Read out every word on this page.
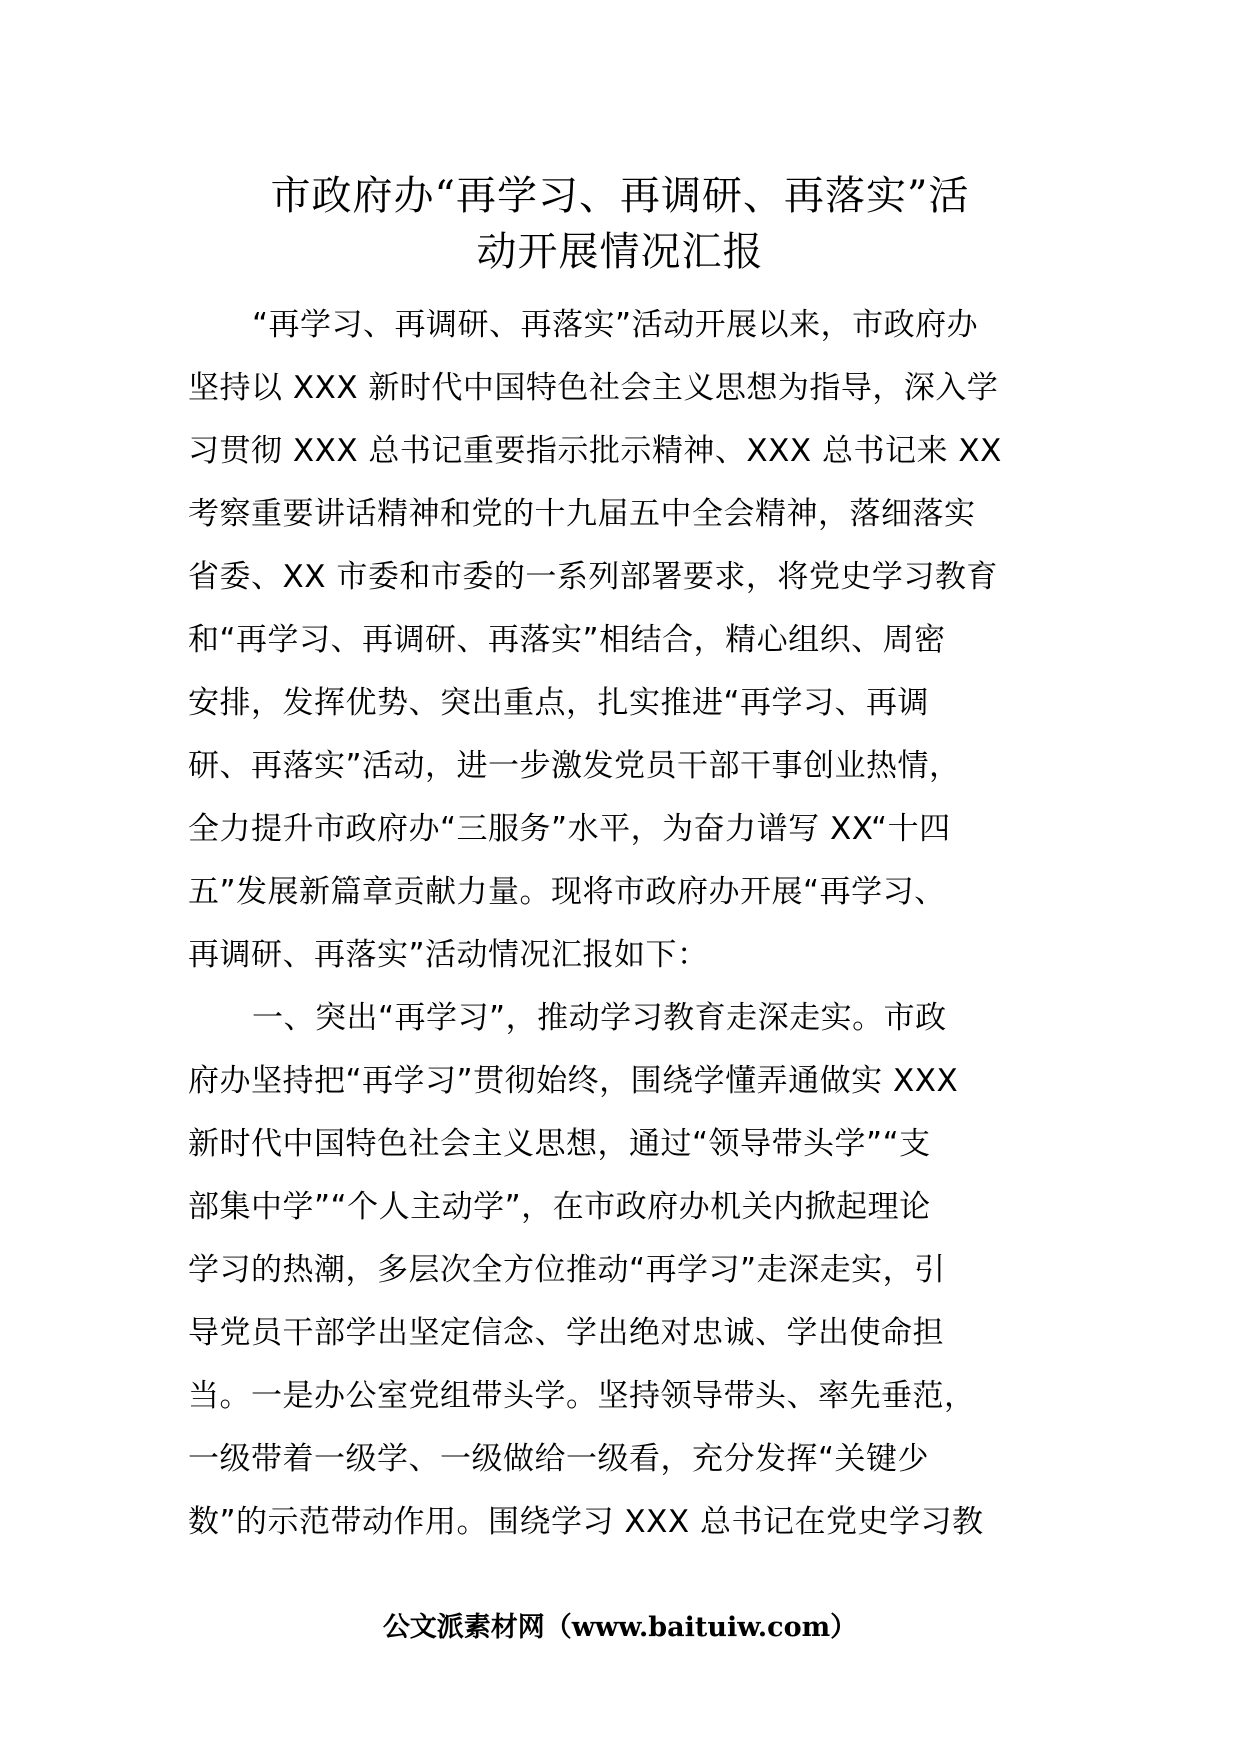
市政府办“再学习、再调研、再落实”活
动开展情况汇报
“再学习、再调研、再落实”活动开展以来，市政府办
坚持以 XXX 新时代中国特色社会主义思想为指导，深入学
习贯彻 XXX 总书记重要指示批示精神、XXX 总书记来 XX
考察重要讲话精神和党的十九届五中全会精神，落细落实
省委、XX 市委和市委的一系列部署要求，将党史学习教育
和“再学习、再调研、再落实”相结合，精心组织、周密
安排，发挥优势、突出重点，扎实推进“再学习、再调
研、再落实”活动，进一步激发党员干部干事创业热情，
全力提升市政府办“三服务”水平，为奋力谱写 XX“十四
五”发展新篇章贡献力量。现将市政府办开展“再学习、
再调研、再落实”活动情况汇报如下：
一、突出“再学习”，推动学习教育走深走实。市政
府办坚持把“再学习”贯彻始终，围绕学懂弄通做实 XXX
新时代中国特色社会主义思想，通过“领导带头学”“支
部集中学”“个人主动学”，在市政府办机关内掀起理论
学习的热潮，多层次全方位推动“再学习”走深走实，引
导党员干部学出坚定信念、学出绝对忠诚、学出使命担
当。一是办公室党组带头学。坚持领导带头、率先垂范，
一级带着一级学、一级做给一级看，充分发挥“关键少
数”的示范带动作用。围绕学习 XXX 总书记在党史学习教
公文派素材网（www.baituiw.com）
